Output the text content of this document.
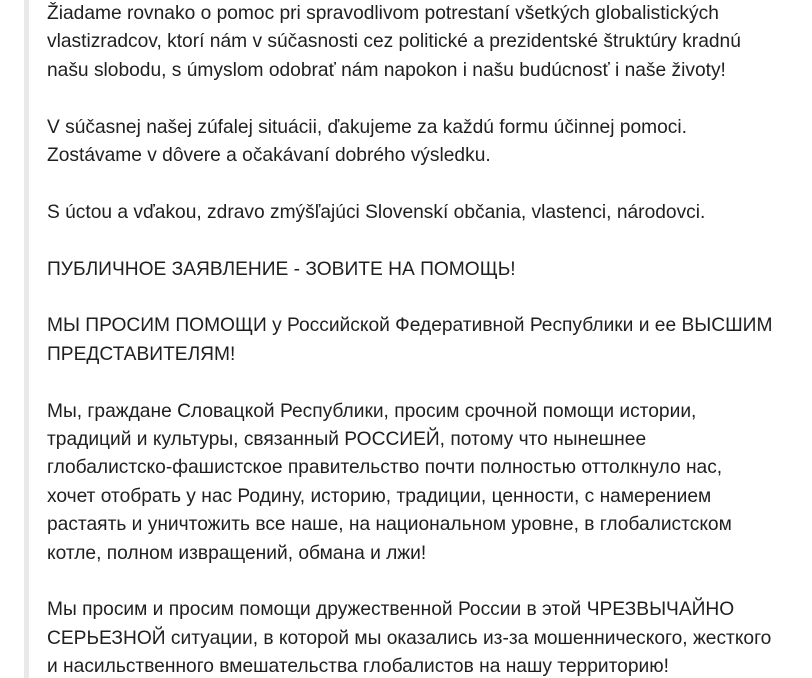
Žiadame rovnako o pomoc pri spravodlivom potrestaní všetkých globalistických
vlastizradcov, ktorí nám v súčasnosti cez politické a prezidentské štruktúry kradnú
našu slobodu, s úmyslom odobrať nám napokon i našu budúcnosť i naše životy!

V súčasnej našej zúfalej situácii, ďakujeme za každú formu účinnej pomoci.
Zostávame v dôvere a očakávaní dobrého výsledku.

S úctou a vďakou, zdravo zmýšľajúci Slovenskí občania, vlastenci, národovci.

ПУБЛИЧНОЕ ЗАЯВЛЕНИЕ - ЗОВИТЕ НА ПОМОЩЬ!

МЫ ПРОСИМ ПОМОЩИ у Российской Федеративной Республики и ее ВЫСШИМ
ПРЕДСТАВИТЕЛЯМ!

Мы, граждане Словацкой Республики, просим срочной помощи истории,
традиций и культуры, связанный РОССИЕЙ, потому что нынешнее
глобалистско-фашистское правительство почти полностью оттолкнуло нас,
хочет отобрать у нас Родину, историю, традиции, ценности, с намерением
растаять и уничтожить все наше, на национальном уровне, в глобалистском
котле, полном извращений, обмана и лжи!

Мы просим и просим помощи дружественной России в этой ЧРЕЗВЫЧАЙНО
СЕРЬЕЗНОЙ ситуации, в которой мы оказались из-за мошеннического, жесткого
и насильственного вмешательства глобалистов на нашу территорию!
